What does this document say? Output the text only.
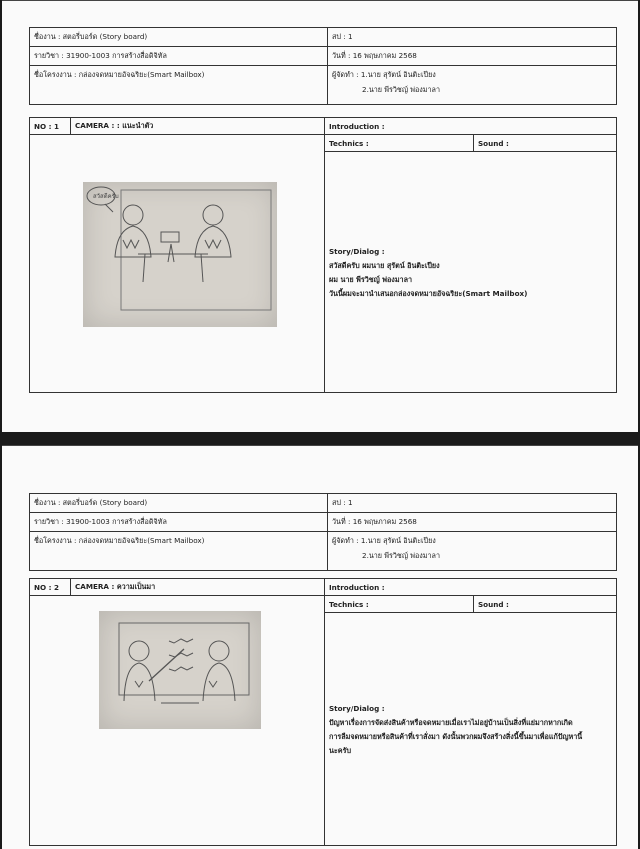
ชื่องาน : สตอรี่บอร์ด (Story board)	สป : 1
รายวิชา : 31900-1003 การสร้างสื่อดิจิทัล	วันที่ : 16 พฤษภาคม 2568
ชื่อโครงงาน : กล่องจดหมายอัจฉริยะ(Smart Mailbox)	ผู้จัดทำ : 1.นาย สุรัตน์ อินติะเปียง
2.นาย พีรวิชญ์ พ่องมาลา
NO : 1	CAMERA : : แนะนำตัว	Introduction :	
		Technics :	Sound :

		Story/Dialog :
สวัสดีครับ ผมนาย สุรัตน์ อินติะเปียง
ผม นาย พีรวิชญ์ พ่องมาลา
วันนี้ผมจะมานำเสนอกล่องจดหมายอัจฉริยะ(Smart Mailbox)	
สวัสดีครับ
ชื่องาน : สตอรี่บอร์ด (Story board)	สป : 1
รายวิชา : 31900-1003 การสร้างสื่อดิจิทัล	วันที่ : 16 พฤษภาคม 2568
ชื่อโครงงาน : กล่องจดหมายอัจฉริยะ(Smart Mailbox)	ผู้จัดทำ : 1.นาย สุรัตน์ อินติะเปียง
2.นาย พีรวิชญ์ พ่องมาลา
NO : 2	CAMERA : ความเป็นมา	Introduction :	
		Technics :	Sound :

		Story/Dialog :
ปัญหาเรื่องการจัดส่งสินค้าหรือจดหมายเมื่อเราไม่อยู่บ้านเป็นสิ่งที่แย่มากหากเกิด
การลืมจดหมายหรือสินค้าที่เราสั่งมา ดังนั้นพวกผมจึงสร้างสิ่งนี้ขึ้นมาเพื่อแก้ปัญหานี้
นะครับ	
